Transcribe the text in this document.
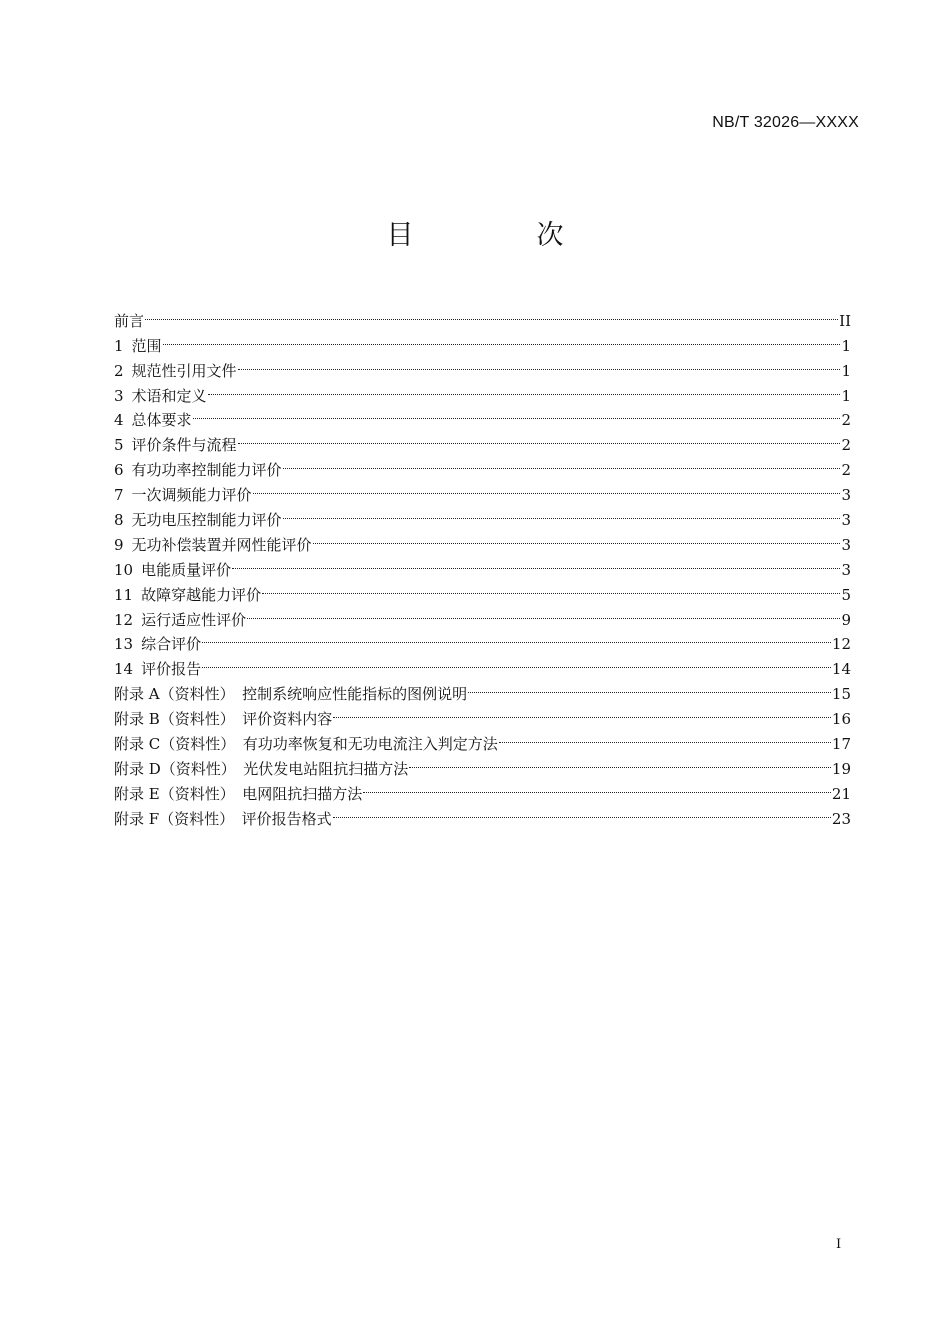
NB/T 32026—XXXX
目　次
前言	II
1 范围	1
2 规范性引用文件	1
3 术语和定义	1
4 总体要求	2
5 评价条件与流程	2
6 有功功率控制能力评价	2
7 一次调频能力评价	3
8 无功电压控制能力评价	3
9 无功补偿装置并网性能评价	3
10 电能质量评价	3
11 故障穿越能力评价	5
12 运行适应性评价	9
13 综合评价	12
14 评价报告	14
附录 A（资料性）　控制系统响应性能指标的图例说明	15
附录 B（资料性）　评价资料内容	16
附录 C（资料性）　有功功率恢复和无功电流注入判定方法	17
附录 D（资料性）　光伏发电站阻抗扫描方法	19
附录 E（资料性）　电网阻抗扫描方法	21
附录 F（资料性）　评价报告格式	23
I
